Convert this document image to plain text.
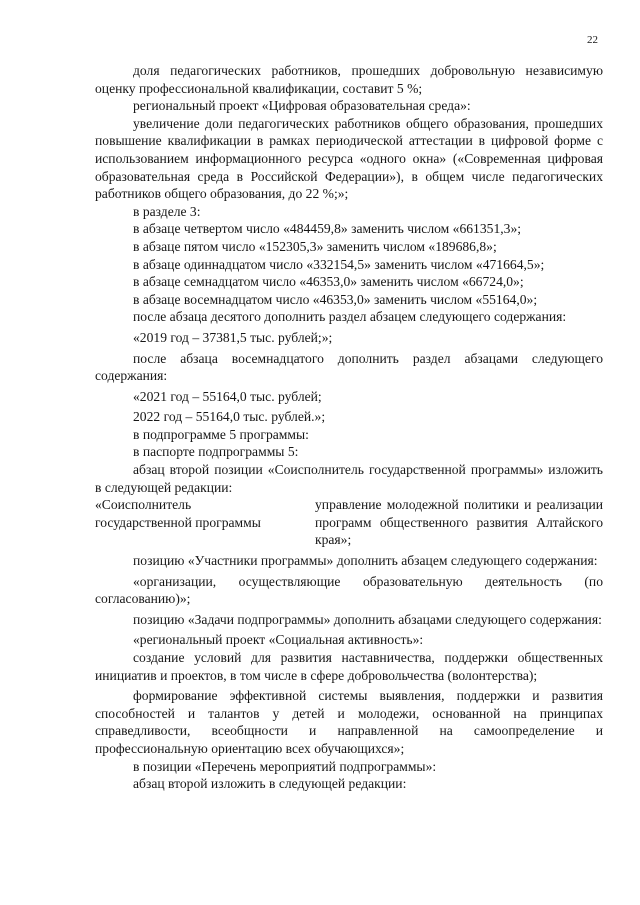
22

доля педагогических работников, прошедших добровольную независимую оценку профессиональной квалификации, составит 5 %;

региональный проект «Цифровая образовательная среда»:

увеличение доли педагогических работников общего образования, прошедших повышение квалификации в рамках периодической аттестации в цифровой форме с использованием информационного ресурса «одного окна» («Современная цифровая образовательная среда в Российской Федерации»), в общем числе педагогических работников общего образования, до 22 %;»;

в разделе 3:

в абзаце четвертом число «484459,8» заменить числом «661351,3»;

в абзаце пятом число «152305,3» заменить числом «189686,8»;

в абзаце одиннадцатом число «332154,5» заменить числом «471664,5»;

в абзаце семнадцатом число «46353,0» заменить числом «66724,0»;

в абзаце восемнадцатом число «46353,0» заменить числом «55164,0»;

после абзаца десятого дополнить раздел абзацем следующего содержания:

«2019 год – 37381,5 тыс. рублей;»;

после абзаца восемнадцатого дополнить раздел абзацами следующего содержания:

«2021 год – 55164,0 тыс. рублей;

2022 год – 55164,0 тыс. рублей.»;

в подпрограмме 5 программы:

в паспорте подпрограммы 5:

абзац второй позиции «Соисполнитель государственной программы» изложить в следующей редакции:

«Соисполнитель
государственной программы
управление молодежной политики и реализации программ общественного развития Алтайского края»;

позицию «Участники программы» дополнить абзацем следующего содержания:

«организации, осуществляющие образовательную деятельность (по согласованию)»;

позицию «Задачи подпрограммы» дополнить абзацами следующего содержания:

«региональный проект «Социальная активность»:

создание условий для развития наставничества, поддержки общественных инициатив и проектов, в том числе в сфере добровольчества (волонтерства);

формирование эффективной системы выявления, поддержки и развития способностей и талантов у детей и молодежи, основанной на принципах справедливости, всеобщности и направленной на самоопределение и профессиональную ориентацию всех обучающихся»;

в позиции «Перечень мероприятий подпрограммы»:

абзац второй изложить в следующей редакции:
